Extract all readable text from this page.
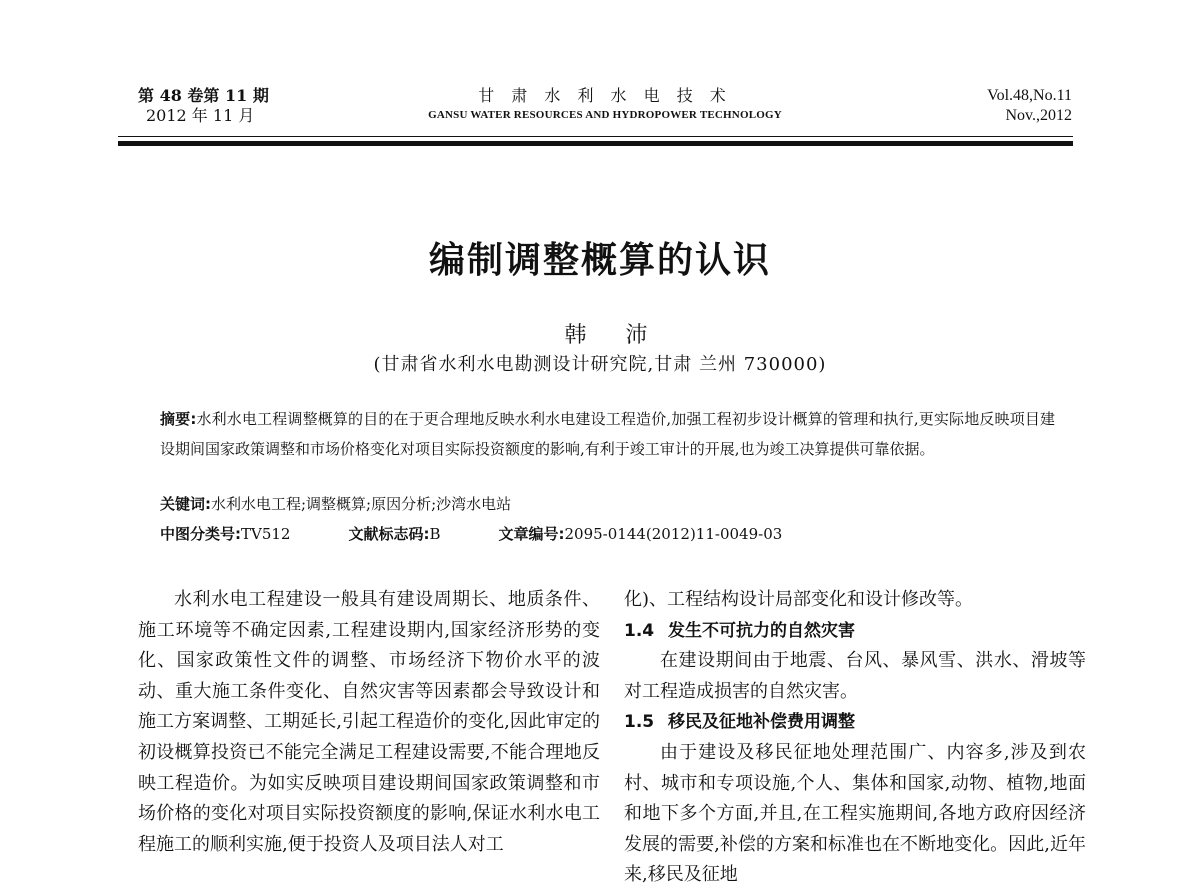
第 48 卷第 11 期
2012 年 11 月
甘 肃 水 利 水 电 技 术
GANSU WATER RESOURCES AND HYDROPOWER TECHNOLOGY
Vol.48,No.11
Nov.,2012
编制调整概算的认识
韩 沛
(甘肃省水利水电勘测设计研究院,甘肃 兰州 730000)
摘要:水利水电工程调整概算的目的在于更合理地反映水利水电建设工程造价,加强工程初步设计概算的管理和执行,更实际地反映项目建设期间国家政策调整和市场价格变化对项目实际投资额度的影响,有利于竣工审计的开展,也为竣工决算提供可靠依据。
关键词: 水利水电工程;调整概算;原因分析;沙湾水电站
中图分类号:TV512	文献标志码:B	文章编号:2095-0144(2012)11-0049-03

水利水电工程建设一般具有建设周期长、地质条件、施工环境等不确定因素,工程建设期内,国家经济形势的变化、国家政策性文件的调整、市场经济下物价水平的波动、重大施工条件变化、自然灾害等因素都会导致设计和施工方案调整、工期延长,引起工程造价的变化,因此审定的初设概算投资已不能完全满足工程建设需要,不能合理地反映工程造价。为如实反映项目建设期间国家政策调整和市场价格的变化对项目实际投资额度的影响,保证水利水电工程施工的顺利实施,便于投资人及项目法人对工

化)、工程结构设计局部变化和设计修改等。

1.4 发生不可抗力的自然灾害

在建设期间由于地震、台风、暴风雪、洪水、滑坡等对工程造成损害的自然灾害。

1.5 移民及征地补偿费用调整

由于建设及移民征地处理范围广、内容多,涉及到农村、城市和专项设施,个人、集体和国家,动物、植物,地面和地下多个方面,并且,在工程实施期间,各地方政府因经济发展的需要,补偿的方案和标准也在不断地变化。因此,近年来,移民及征地
